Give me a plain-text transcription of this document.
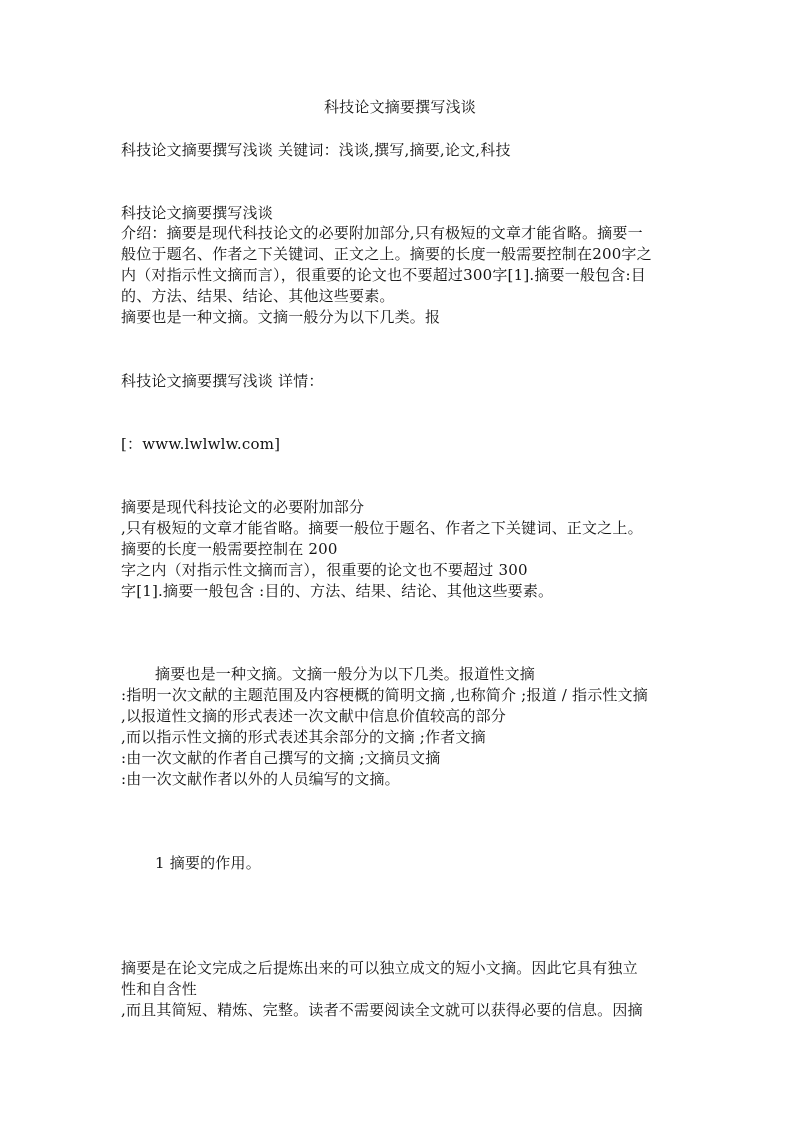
科技论文摘要撰写浅谈
科技论文摘要撰写浅谈 关键词：浅谈,撰写,摘要,论文,科技
科技论文摘要撰写浅谈
介绍：摘要是现代科技论文的必要附加部分,只有极短的文章才能省略。摘要一
般位于题名、作者之下关键词、正文之上。摘要的长度一般需要控制在200字之
内（对指示性文摘而言），很重要的论文也不要超过300字[1].摘要一般包含:目
的、方法、结果、结论、其他这些要素。
摘要也是一种文摘。文摘一般分为以下几类。报
科技论文摘要撰写浅谈 详情：
[：www.lwlwlw.com]
摘要是现代科技论文的必要附加部分
,只有极短的文章才能省略。摘要一般位于题名、作者之下关键词、正文之上。
摘要的长度一般需要控制在 200
字之内（对指示性文摘而言），很重要的论文也不要超过 300
字[1].摘要一般包含 :目的、方法、结果、结论、其他这些要素。
摘要也是一种文摘。文摘一般分为以下几类。报道性文摘
:指明一次文献的主题范围及内容梗概的简明文摘 ,也称简介 ;报道 / 指示性文摘
,以报道性文摘的形式表述一次文献中信息价值较高的部分
,而以指示性文摘的形式表述其余部分的文摘 ;作者文摘
:由一次文献的作者自己撰写的文摘 ;文摘员文摘
:由一次文献作者以外的人员编写的文摘。
1 摘要的作用。
摘要是在论文完成之后提炼出来的可以独立成文的短小文摘。因此它具有独立
性和自含性
,而且其简短、精炼、完整。读者不需要阅读全文就可以获得必要的信息。因摘
